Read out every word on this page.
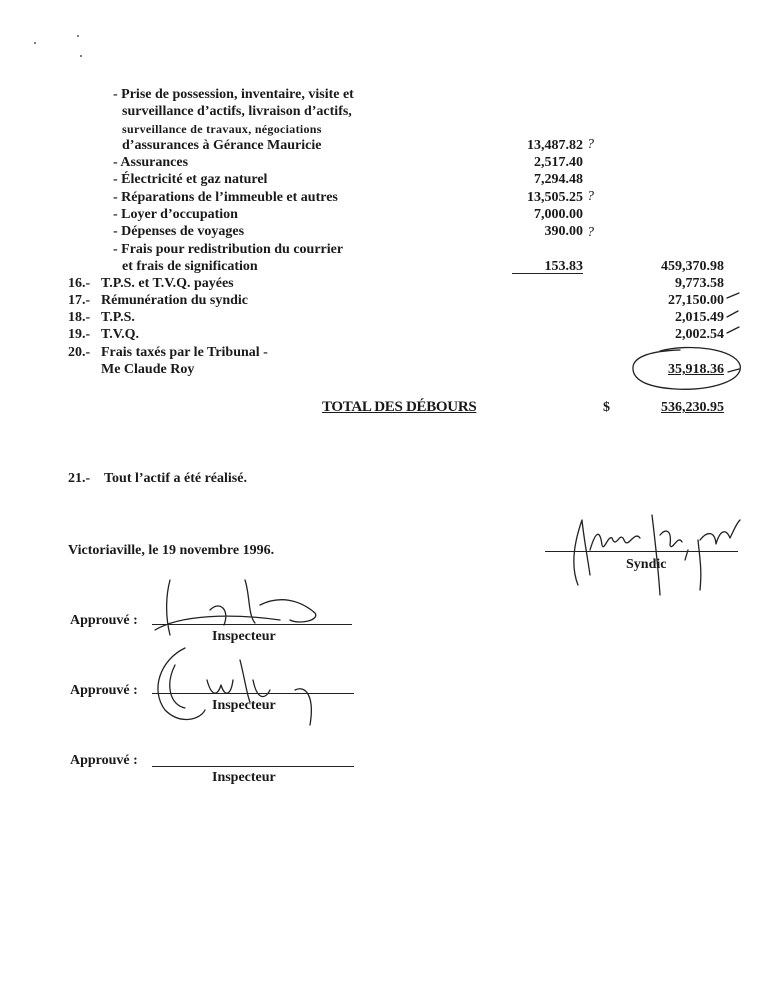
- Prise de possession, inventaire, visite et
surveillance d’actifs, livraison d’actifs,
surveillance de travaux, négociations
d’assurances à Gérance Mauricie	13,487.82 ?
- Assurances	2,517.40
- Électricité et gaz naturel	7,294.48
- Réparations de l’immeuble et autres	13,505.25 ?
- Loyer d’occupation	7,000.00
- Dépenses de voyages	390.00 ?
- Frais pour redistribution du courrier
et frais de signification	153.83	459,370.98
16.- T.P.S. et T.V.Q. payées	9,773.58
17.- Rémunération du syndic	27,150.00
18.- T.P.S.	2,015.49
19.- T.V.Q.	2,002.54
20.- Frais taxés par le Tribunal -
Me Claude Roy	35,918.36
TOTAL DES DÉBOURS	$	536,230.95
21.- Tout l’actif a été réalisé.
Victoriaville, le 19 novembre 1996.
Syndic
Approuvé :
Inspecteur
Approuvé :
Inspecteur
Approuvé :
Inspecteur
